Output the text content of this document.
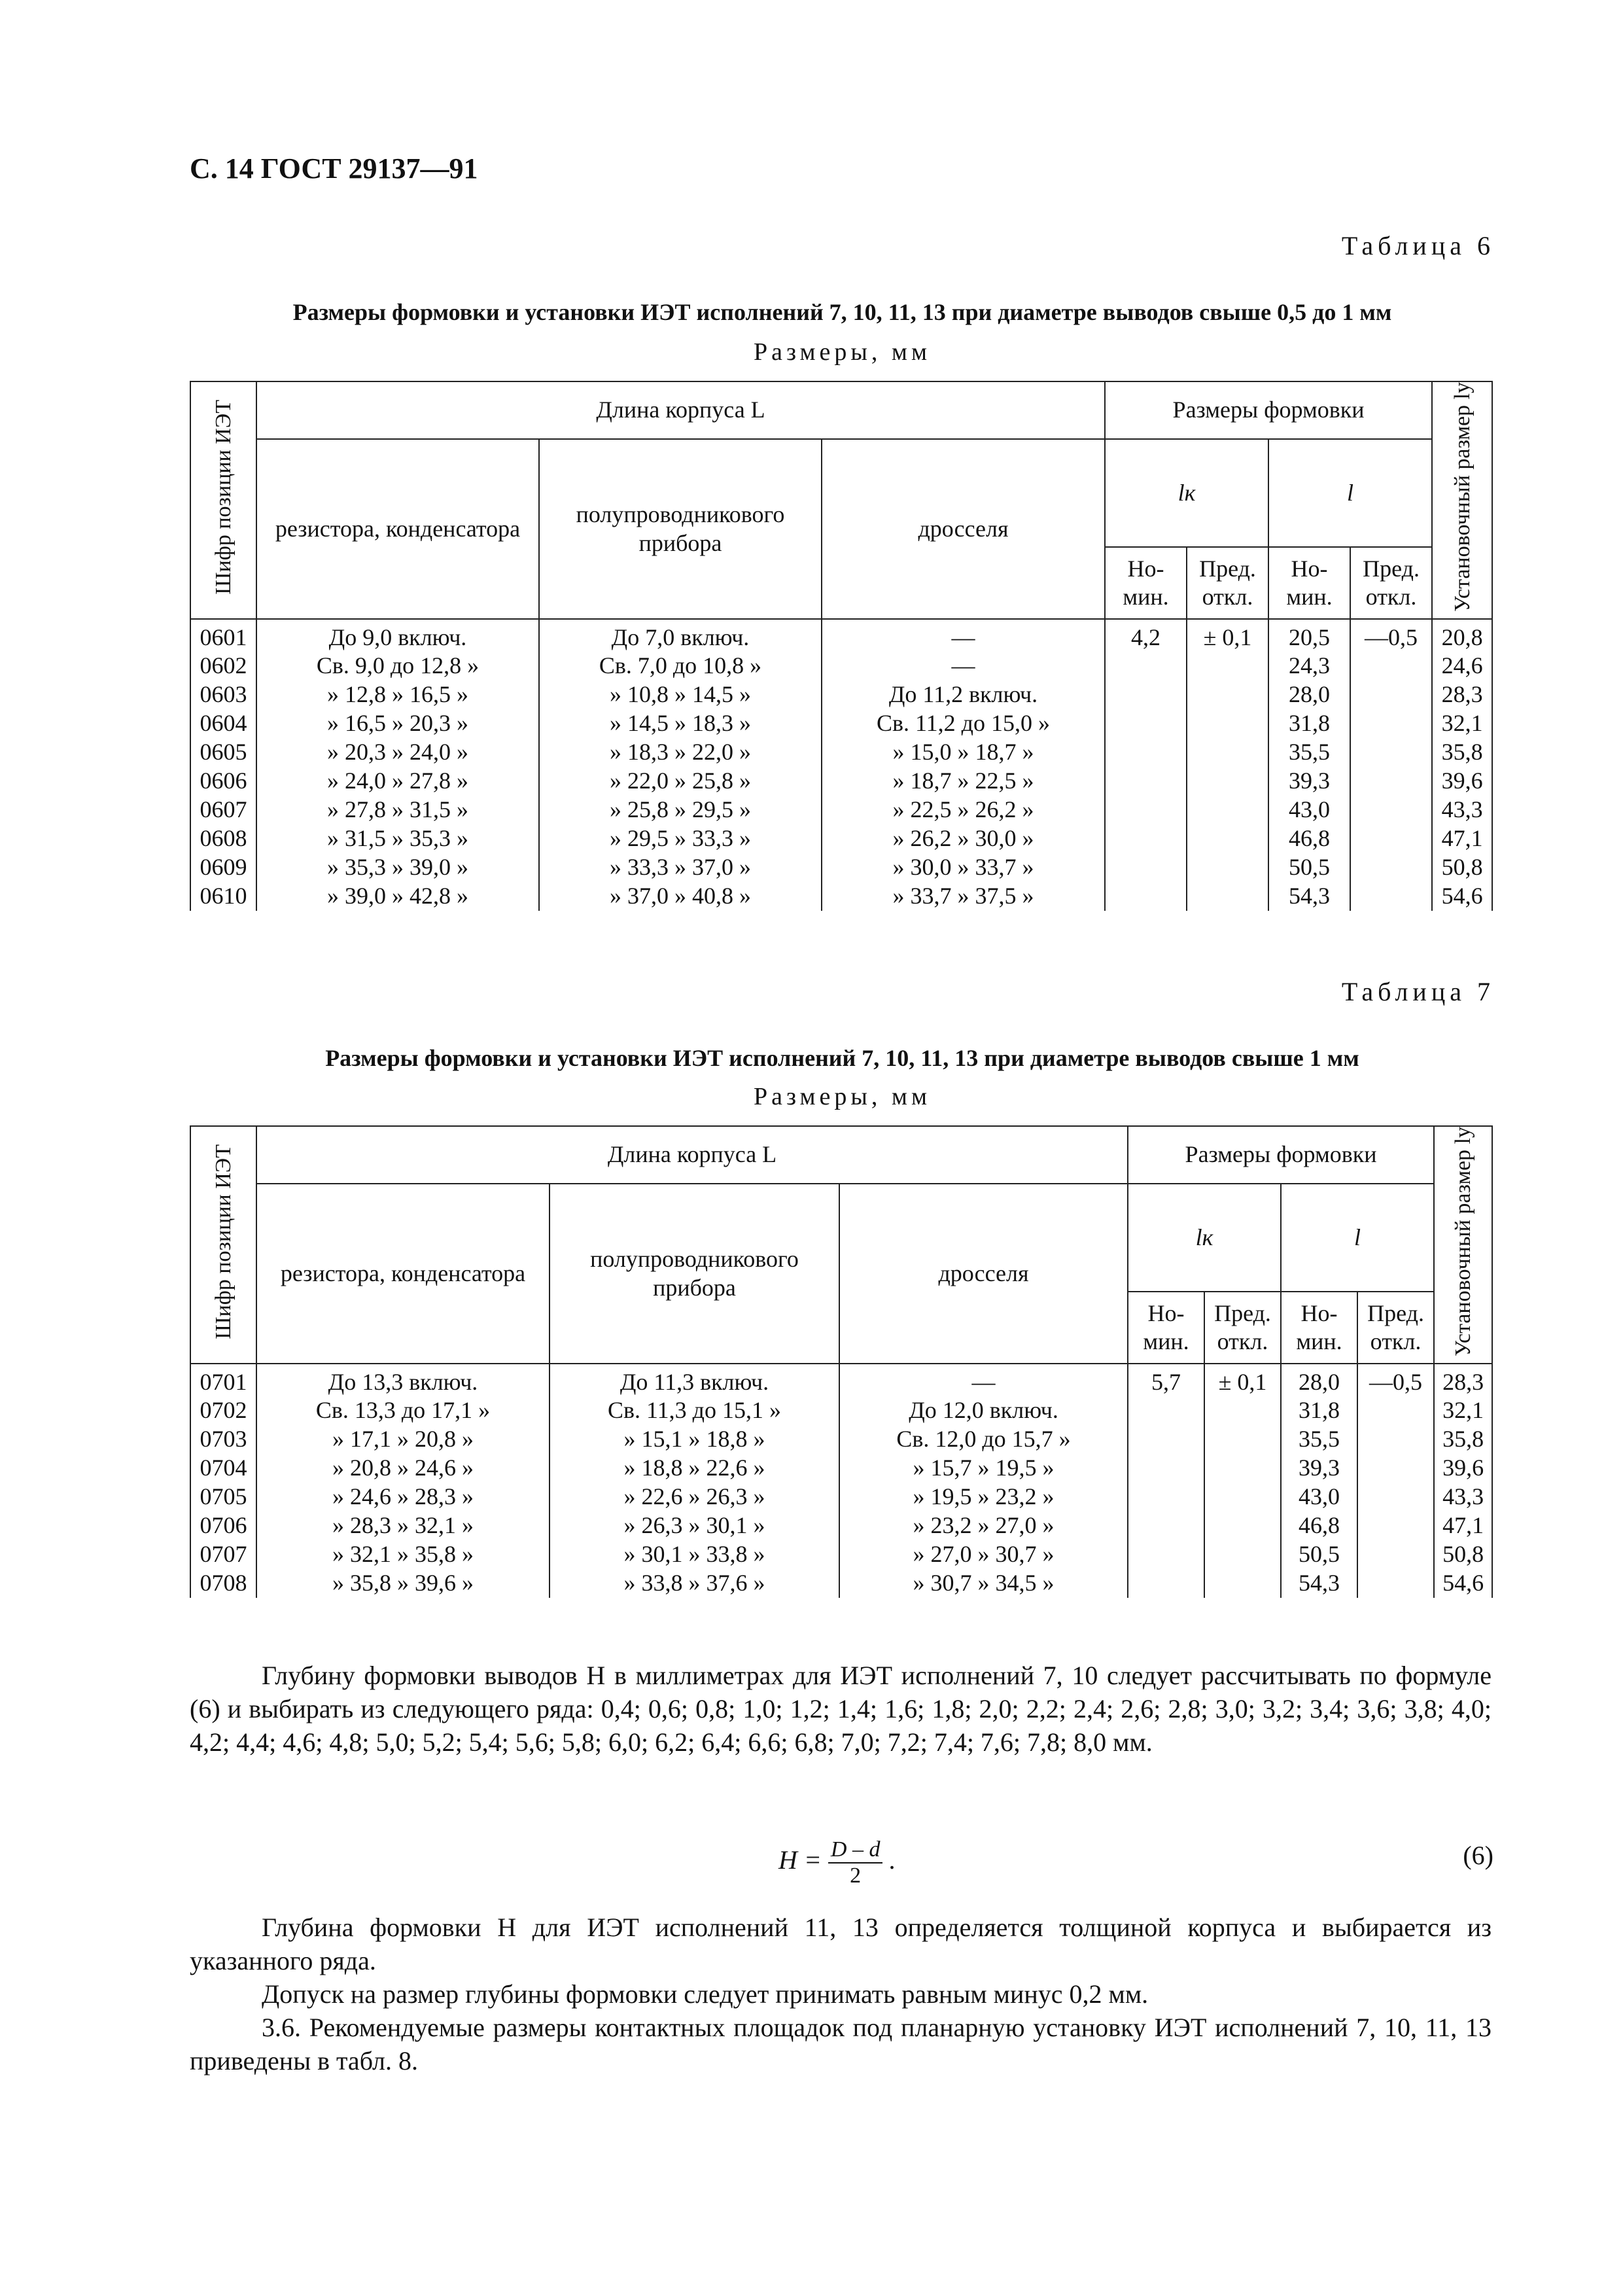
С. 14 ГОСТ 29137—91
Таблица 6
Размеры формовки и установки ИЭТ исполнений 7, 10, 11, 13 при диаметре выводов свыше 0,5 до 1 мм
Размеры, мм
Шифр позиции ИЭТ	Длина корпуса L			Размеры формовки				Установочный размер lу
	резистора, конденсатора	полупроводникового прибора	дросселя	lк		l		
				Но- мин.	Пред. откл.	Но- мин.	Пред. откл.	
0601	До 9,0 включ.	До 7,0 включ.	—	4,2	± 0,1	20,5	—0,5	20,8
0602	Св. 9,0 до 12,8 »	Св. 7,0 до 10,8 »	—			24,3		24,6
0603	» 12,8 » 16,5 »	» 10,8 » 14,5 »	До 11,2 включ.			28,0		28,3
0604	» 16,5 » 20,3 »	» 14,5 » 18,3 »	Св. 11,2 до 15,0 »			31,8		32,1
0605	» 20,3 » 24,0 »	» 18,3 » 22,0 »	» 15,0 » 18,7 »			35,5		35,8
0606	» 24,0 » 27,8 »	» 22,0 » 25,8 »	» 18,7 » 22,5 »			39,3		39,6
0607	» 27,8 » 31,5 »	» 25,8 » 29,5 »	» 22,5 » 26,2 »			43,0		43,3
0608	» 31,5 » 35,3 »	» 29,5 » 33,3 »	» 26,2 » 30,0 »			46,8		47,1
0609	» 35,3 » 39,0 »	» 33,3 » 37,0 »	» 30,0 » 33,7 »			50,5		50,8
0610	» 39,0 » 42,8 »	» 37,0 » 40,8 »	» 33,7 » 37,5 »			54,3		54,6
Таблица 7
Размеры формовки и установки ИЭТ исполнений 7, 10, 11, 13 при диаметре выводов свыше 1 мм
Размеры, мм
Шифр позиции ИЭТ	Длина корпуса L			Размеры формовки				Установочный размер lу
	резистора, конденсатора	полупроводникового прибора	дросселя	lк		l		
				Но- мин.	Пред. откл.	Но- мин.	Пред. откл.	
0701	До 13,3 включ.	До 11,3 включ.	—	5,7	± 0,1	28,0	—0,5	28,3
0702	Св. 13,3 до 17,1 »	Св. 11,3 до 15,1 »	До 12,0 включ.			31,8		32,1
0703	» 17,1 » 20,8 »	» 15,1 » 18,8 »	Св. 12,0 до 15,7 »			35,5		35,8
0704	» 20,8 » 24,6 »	» 18,8 » 22,6 »	» 15,7 » 19,5 »			39,3		39,6
0705	» 24,6 » 28,3 »	» 22,6 » 26,3 »	» 19,5 » 23,2 »			43,0		43,3
0706	» 28,3 » 32,1 »	» 26,3 » 30,1 »	» 23,2 » 27,0 »			46,8		47,1
0707	» 32,1 » 35,8 »	» 30,1 » 33,8 »	» 27,0 » 30,7 »			50,5		50,8
0708	» 35,8 » 39,6 »	» 33,8 » 37,6 »	» 30,7 » 34,5 »			54,3		54,6
Глубину формовки выводов H в миллиметрах для ИЭТ исполнений 7, 10 следует рассчитывать по формуле (6) и выбирать из следующего ряда: 0,4; 0,6; 0,8; 1,0; 1,2; 1,4; 1,6; 1,8; 2,0; 2,2; 2,4; 2,6; 2,8; 3,0; 3,2; 3,4; 3,6; 3,8; 4,0; 4,2; 4,4; 4,6; 4,8; 5,0; 5,2; 5,4; 5,6; 5,8; 6,0; 6,2; 6,4; 6,6; 6,8; 7,0; 7,2; 7,4; 7,6; 7,8; 8,0 мм.
$H = \frac{D - d}{2}$ .	(6)
Глубина формовки H для ИЭТ исполнений 11, 13 определяется толщиной корпуса и выбирается из указанного ряда.
Допуск на размер глубины формовки следует принимать равным минус 0,2 мм.
3.6. Рекомендуемые размеры контактных площадок под планарную установку ИЭТ исполнений 7, 10, 11, 13 приведены в табл. 8.
